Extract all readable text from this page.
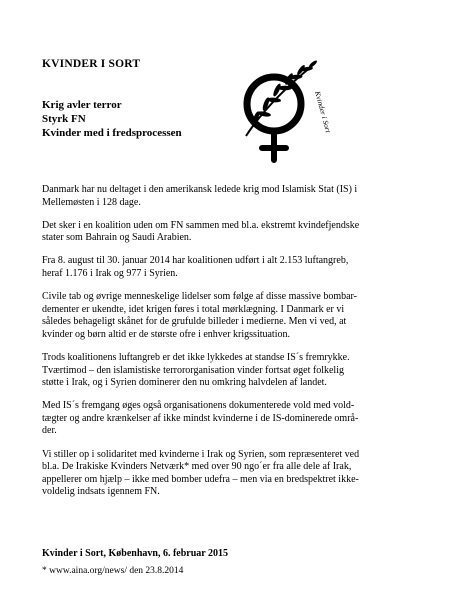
KVINDER I SORT
Krig avler terror
Styrk FN
Kvinder med i fredsprocessen	Kvinder i Sort

Danmark har nu deltaget i den amerikansk ledede krig mod Islamisk Stat (IS) i
Mellemøsten i 128 dage.

Det sker i en koalition uden om FN sammen med bl.a. ekstremt kvindefjendske
stater som Bahrain og Saudi Arabien.

Fra 8. august til 30. januar 2014 har koalitionen udført i alt 2.153 luftangreb,
heraf 1.176 i Irak og 977 i Syrien.

Civile tab og øvrige menneskelige lidelser som følge af disse massive bombar-
dementer er ukendte, idet krigen føres i total mørklægning. I Danmark er vi
således behageligt skånet for de grufulde billeder i medierne. Men vi ved, at
kvinder og børn altid er de største ofre i enhver krigssituation.

Trods koalitionens luftangreb er det ikke lykkedes at standse IS´s fremrykke.
Tværtimod – den islamistiske terrororganisation vinder fortsat øget folkelig
støtte i Irak, og i Syrien dominerer den nu omkring halvdelen af landet.

Med IS´s fremgang øges også organisationens dokumenterede vold med vold-
tægter og andre krænkelser af ikke mindst kvinderne i de IS-dominerede områ-
der.

Vi stiller op i solidaritet med kvinderne i Irak og Syrien, som repræsenteret ved
bl.a. De Irakiske Kvinders Netværk* med over 90 ngo´er fra alle dele af Irak,
appellerer om hjælp – ikke med bomber udefra – men via en bredspektret ikke-
voldelig indsats igennem FN.

Kvinder i Sort, København, 6. februar 2015
* www.aina.org/news/ den 23.8.2014
